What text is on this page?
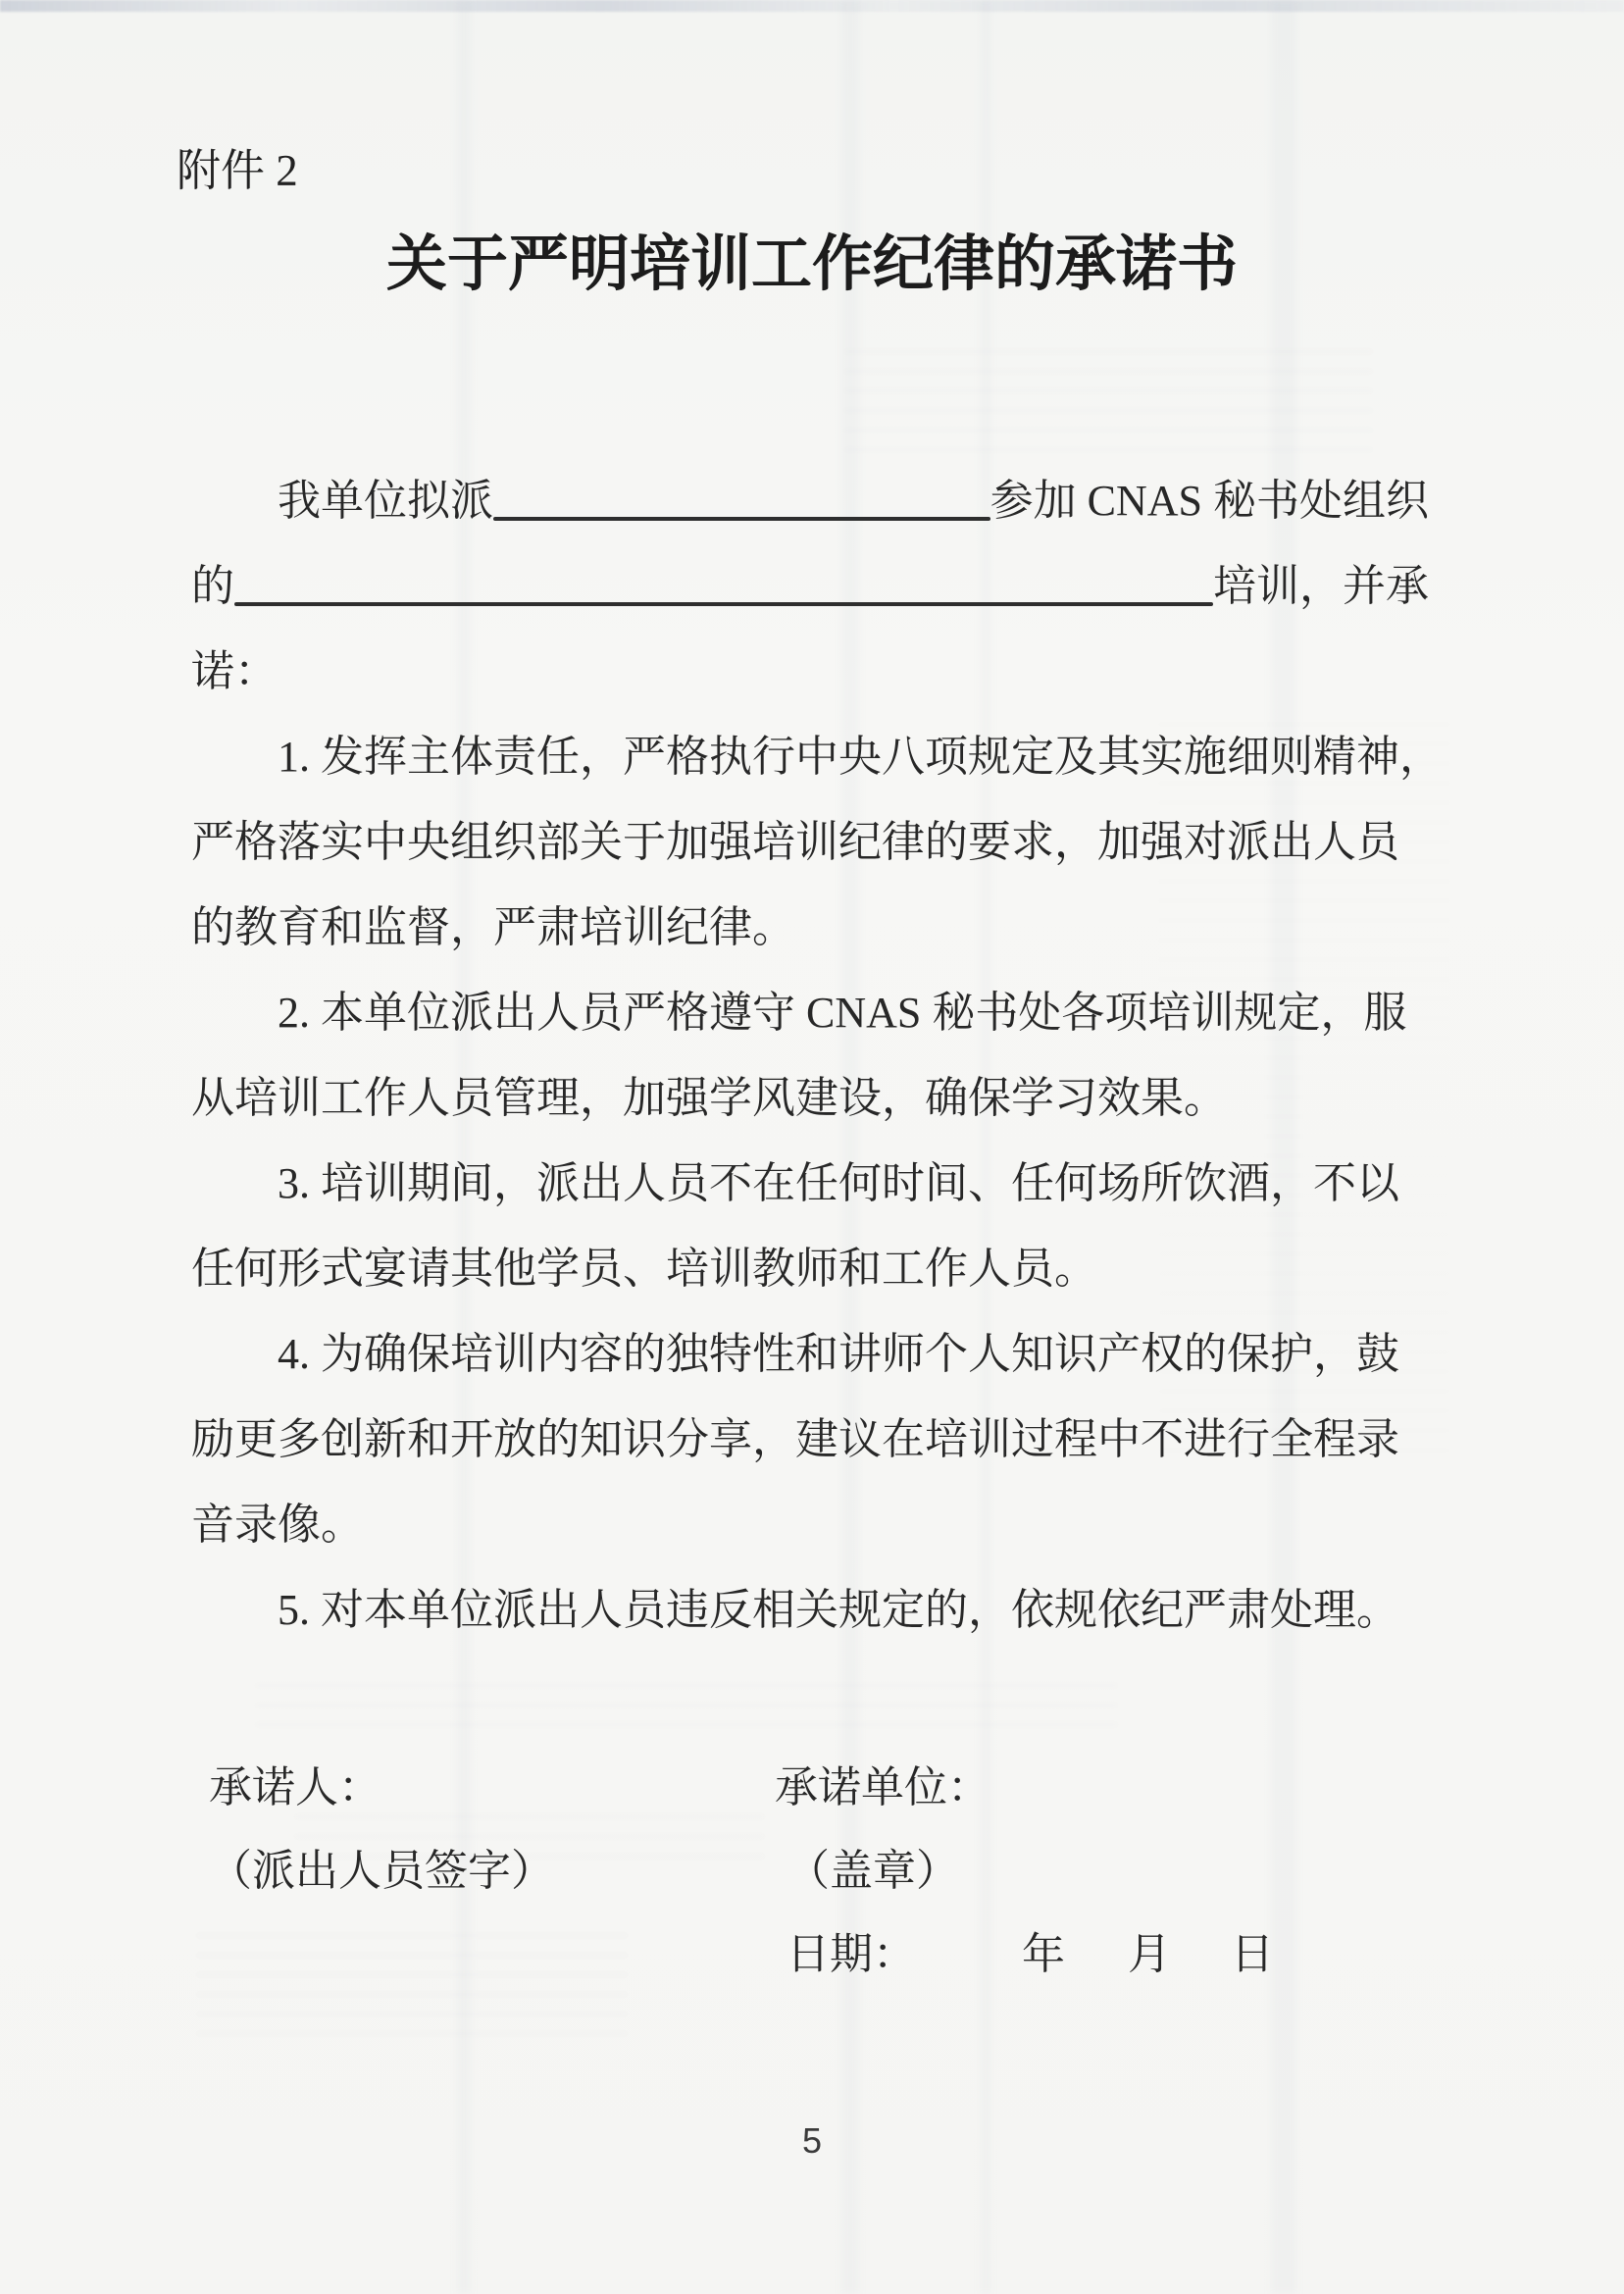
附件 2
关于严明培训工作纪律的承诺书
我单位拟派	参加 CNAS 秘书处组织
的	培训，并承
诺：
1. 发挥主体责任，严格执行中央八项规定及其实施细则精神，
严格落实中央组织部关于加强培训纪律的要求，加强对派出人员
的教育和监督，严肃培训纪律。
2. 本单位派出人员严格遵守 CNAS 秘书处各项培训规定，服
从培训工作人员管理，加强学风建设，确保学习效果。
3. 培训期间，派出人员不在任何时间、任何场所饮酒，不以
任何形式宴请其他学员、培训教师和工作人员。
4. 为确保培训内容的独特性和讲师个人知识产权的保护，鼓
励更多创新和开放的知识分享，建议在培训过程中不进行全程录
音录像。
5. 对本单位派出人员违反相关规定的，依规依纪严肃处理。
承诺人：	承诺单位：
（派出人员签字）	（盖章）
日期： 年 月 日
5
